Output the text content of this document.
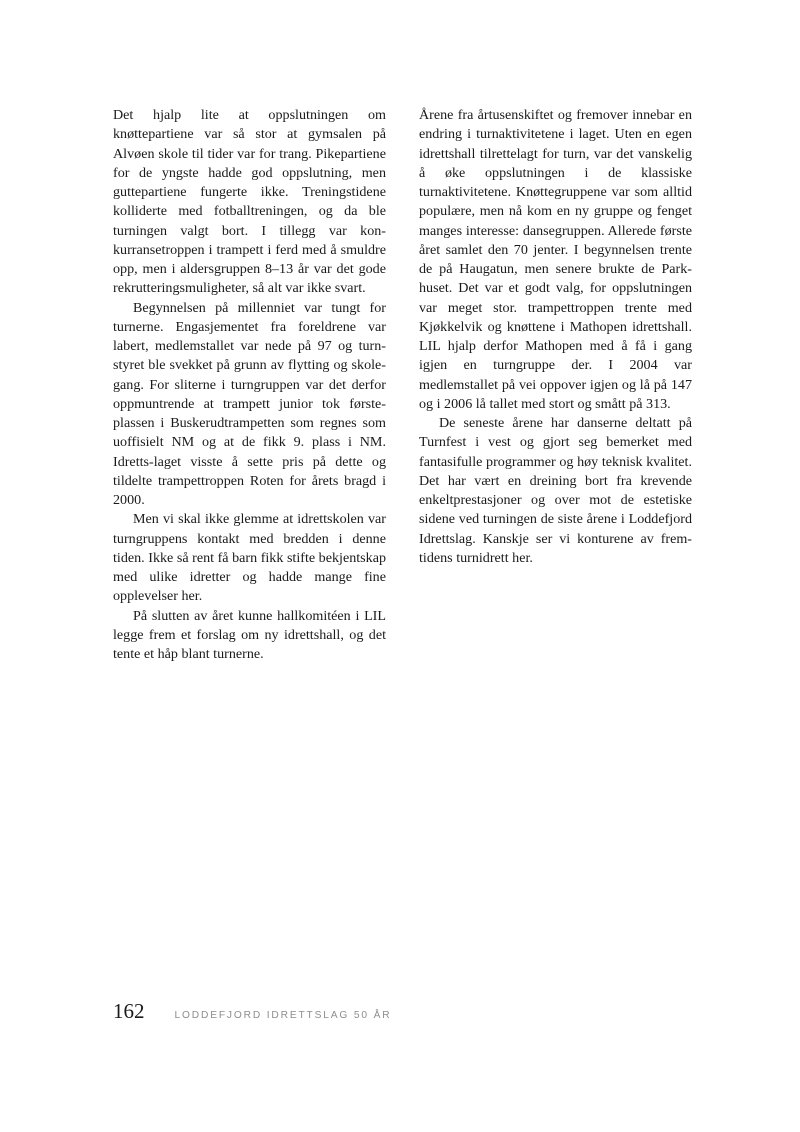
Det hjalp lite at oppslutningen om knøttepartiene var så stor at gymsalen på Alvøen skole til tider var for trang. Pikepartiene for de yngste hadde god oppslutning, men guttepartiene fungerte ikke. Treningstidene kolliderte med fotballtreningen, og da ble turningen valgt bort. I tillegg var kon-kurransetroppen i trampett i ferd med å smuldre opp, men i aldersgruppen 8–13 år var det gode rekrutteringsmuligheter, så alt var ikke svart.

Begynnelsen på millenniet var tungt for turnerne. Engasjementet fra foreldrene var labert, medlemstallet var nede på 97 og turn-styret ble svekket på grunn av flytting og skole-gang. For sliterne i turngruppen var det derfor oppmuntrende at trampett junior tok første-plassen i Buskerudtrampetten som regnes som uoffisielt NM og at de fikk 9. plass i NM. Idretts-laget visste å sette pris på dette og tildelte trampettroppen Roten for årets bragd i 2000.

Men vi skal ikke glemme at idrettskolen var turngruppens kontakt med bredden i denne tiden. Ikke så rent få barn fikk stifte bekjentskap med ulike idretter og hadde mange fine opplevelser her.

På slutten av året kunne hallkomitéen i LIL legge frem et forslag om ny idrettshall, og det tente et håp blant turnerne.

Årene fra årtusenskiftet og fremover innebar en endring i turnaktivitetene i laget. Uten en egen idrettshall tilrettelagt for turn, var det vanskelig å øke oppslutningen i de klassiske turnaktivitetene. Knøttegruppene var som alltid populære, men nå kom en ny gruppe og fenget manges interesse: dansegruppen. Allerede første året samlet den 70 jenter. I begynnelsen trente de på Haugatun, men senere brukte de Park-huset. Det var et godt valg, for oppslutningen var meget stor. trampettroppen trente med Kjøkkelvik og knøttene i Mathopen idrettshall. LIL hjalp derfor Mathopen med å få i gang igjen en turngruppe der. I 2004 var medlemstallet på vei oppover igjen og lå på 147 og i 2006 lå tallet med stort og smått på 313.

De seneste årene har danserne deltatt på Turnfest i vest og gjort seg bemerket med fantasifulle programmer og høy teknisk kvalitet. Det har vært en dreining bort fra krevende enkeltprestasjoner og over mot de estetiske sidene ved turningen de siste årene i Loddefjord Idrettslag. Kanskje ser vi konturene av frem-tidens turnidrett her.

162	LODDEFJORD IDRETTSLAG 50 ÅR
